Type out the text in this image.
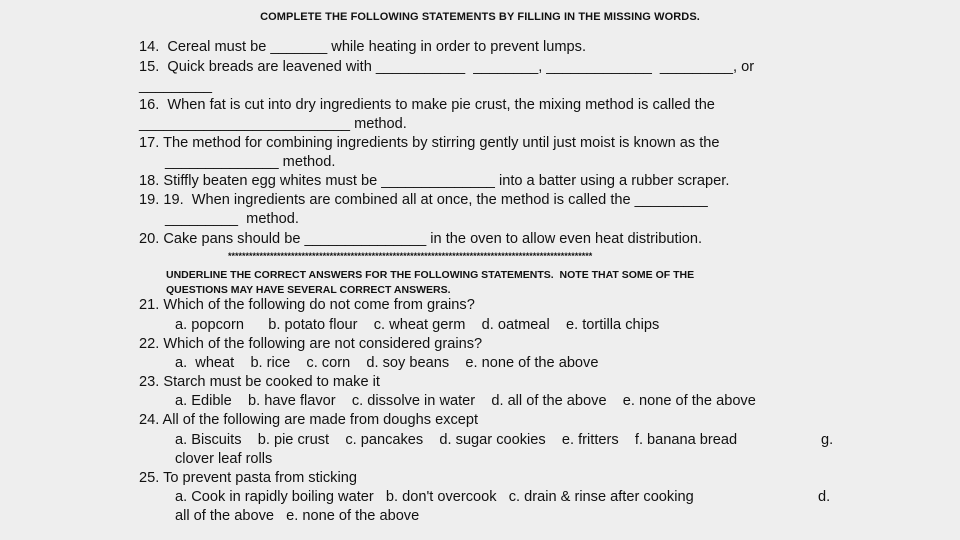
COMPLETE THE FOLLOWING STATEMENTS BY FILLING IN THE MISSING WORDS.
14.  Cereal must be _______ while heating in order to prevent lumps.
15.  Quick breads are leavened with ___________  ________, _____________  _________, or
_________
16.  When fat is cut into dry ingredients to make pie crust, the mixing method is called the
__________________________ method.
17. The method for combining ingredients by stirring gently until just moist is known as the
______________ method.
18. Stiffly beaten egg whites must be ______________ into a batter using a rubber scraper.
19. 19.  When ingredients are combined all at once, the method is called the _________
_________  method.
20. Cake pans should be _______________ in the oven to allow even heat distribution.
********************************************************************************************************
UNDERLINE THE CORRECT ANSWERS FOR THE FOLLOWING STATEMENTS.  NOTE THAT SOME OF THE
QUESTIONS MAY HAVE SEVERAL CORRECT ANSWERS.
21. Which of the following do not come from grains?
a. popcorn      b. potato flour    c. wheat germ    d. oatmeal    e. tortilla chips
22. Which of the following are not considered grains?
a.  wheat    b. rice    c. corn    d. soy beans    e. none of the above
23. Starch must be cooked to make it
a. Edible    b. have flavor    c. dissolve in water    d. all of the above    e. none of the above
24. All of the following are made from doughs except
a. Biscuits    b. pie crust    c. pancakes    d. sugar cookies    e. fritters    f. banana bread	g.
clover leaf rolls
25. To prevent pasta from sticking
a. Cook in rapidly boiling water   b. don't overcook   c. drain & rinse after cooking	d.
all of the above   e. none of the above
